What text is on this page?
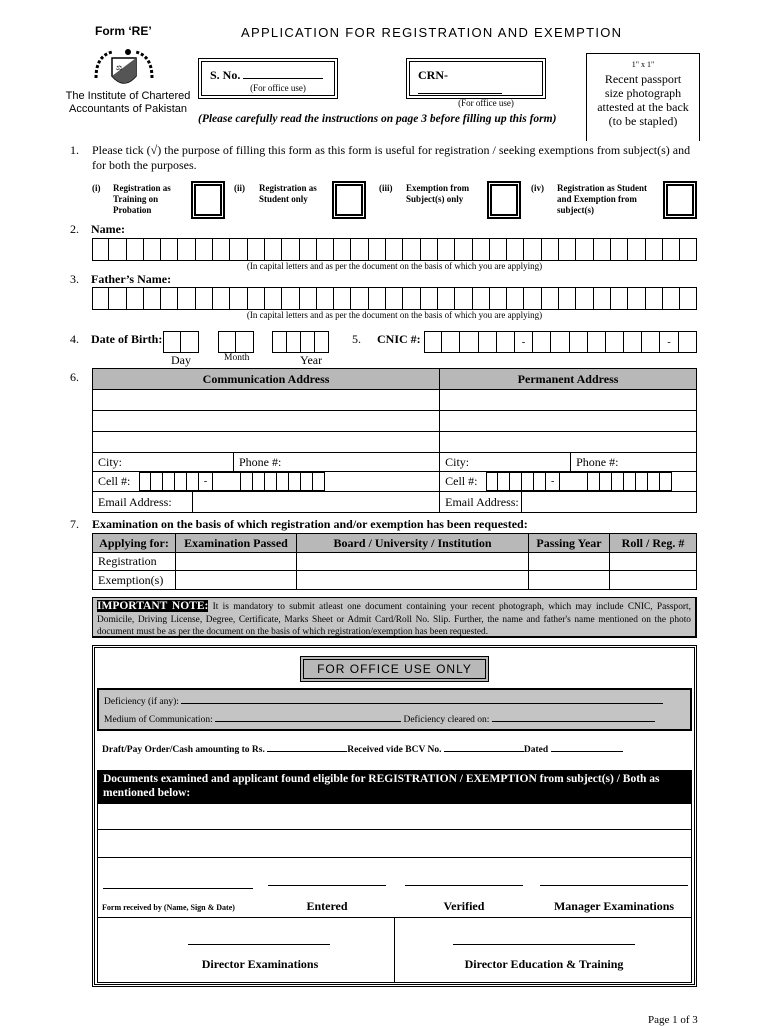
Form ‘RE’	APPLICATION FOR REGISTRATION AND EXEMPTION
⚖
The Institute of Chartered
Accountants of Pakistan
S. No.
(For office use)
CRN-
(For office use)
(Please carefully read the instructions on page 3 before filling up this form)
1" x 1"
Recent passport
size photograph
attested at the back
(to be stapled)
1. Please tick (√) the purpose of filling this form as this form is useful for registration / seeking exemptions from subject(s) and for both the purposes.
(i) Registration as Training on Probation
(ii) Registration as Student only
(iii) Exemption from Subject(s) only
(iv) Registration as Student and Exemption from subject(s)
2. Name:
(In capital letters and as per the document on the basis of which you are applying)
3. Father’s Name:
(In capital letters and as per the document on the basis of which you are applying)
4. Date of Birth:
Day	Month	Year
5. CNIC #:	-	-
6.	Communication Address		Permanent Address	

City:	Phone #:	City:	Phone #:

Cell #: -		Cell #: -	

Email Address:		Email Address:	
7. Examination on the basis of which registration and/or exemption has been requested:
Applying for:	Examination Passed	Board / University / Institution	Passing Year	Roll / Reg. #
Registration				
Exemption(s)				
IMPORTANT NOTE: It is mandatory to submit atleast one document containing your recent photograph, which may include CNIC, Passport, Domicile, Driving License, Degree, Certificate, Marks Sheet or Admit Card/Roll No. Slip. Further, the name and father's name mentioned on the photo document must be as per the document on the basis of which registration/exemption has been requested.
FOR OFFICE USE ONLY
Deficiency (if any):
Medium of Communication:	Deficiency cleared on:
Draft/Pay Order/Cash amounting to Rs.	Received vide BCV No.	Dated
Documents examined and applicant found eligible for REGISTRATION / EXEMPTION from subject(s) / Both as mentioned below:
Form received by (Name, Sign & Date)	Entered	Verified	Manager Examinations
Director Examinations	Director Education & Training
Page 1 of 3
